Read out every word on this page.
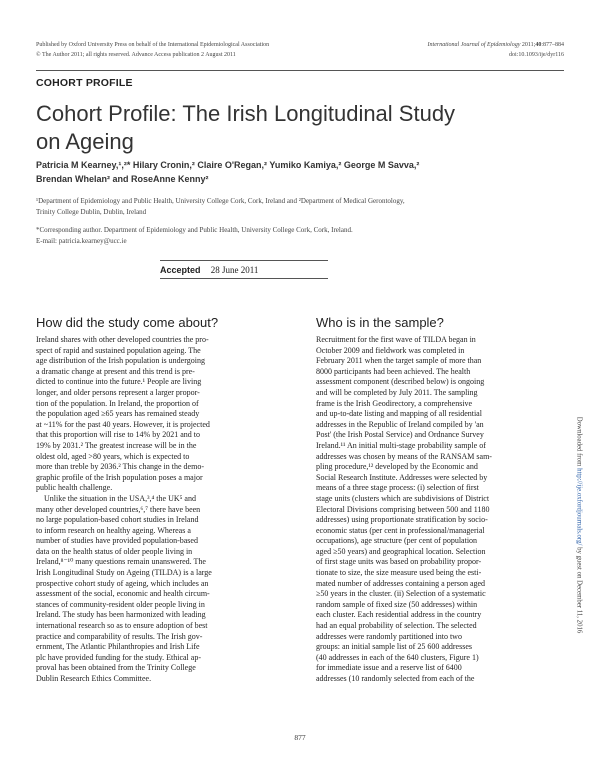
Published by Oxford University Press on behalf of the International Epidemiological Association
© The Author 2011; all rights reserved. Advance Access publication 2 August 2011
International Journal of Epidemiology 2011;40:877–884
doi:10.1093/ije/dyr116
COHORT PROFILE
Cohort Profile: The Irish Longitudinal Study
on Ageing
Patricia M Kearney,¹,²* Hilary Cronin,² Claire O'Regan,² Yumiko Kamiya,² George M Savva,²
Brendan Whelan² and RoseAnne Kenny²
¹Department of Epidemiology and Public Health, University College Cork, Cork, Ireland and ²Department of Medical Gerontology,
Trinity College Dublin, Dublin, Ireland
*Corresponding author. Department of Epidemiology and Public Health, University College Cork, Cork, Ireland.
E-mail: patricia.kearney@ucc.ie
Accepted 28 June 2011
How did the study come about?
Ireland shares with other developed countries the pro-
spect of rapid and sustained population ageing. The
age distribution of the Irish population is undergoing
a dramatic change at present and this trend is pre-
dicted to continue into the future.¹ People are living
longer, and older persons represent a larger propor-
tion of the population. In Ireland, the proportion of
the population aged ≥65 years has remained steady
at ~11% for the past 40 years. However, it is projected
that this proportion will rise to 14% by 2021 and to
19% by 2031.² The greatest increase will be in the
oldest old, aged >80 years, which is expected to
more than treble by 2036.² This change in the demo-
graphic profile of the Irish population poses a major
public health challenge.
Unlike the situation in the USA,³,⁴ the UK⁵ and
many other developed countries,⁶,⁷ there have been
no large population-based cohort studies in Ireland
to inform research on healthy ageing. Whereas a
number of studies have provided population-based
data on the health status of older people living in
Ireland,⁸⁻¹⁰ many questions remain unanswered. The
Irish Longitudinal Study on Ageing (TILDA) is a large
prospective cohort study of ageing, which includes an
assessment of the social, economic and health circum-
stances of community-resident older people living in
Ireland. The study has been harmonized with leading
international research so as to ensure adoption of best
practice and comparability of results. The Irish gov-
ernment, The Atlantic Philanthropies and Irish Life
plc have provided funding for the study. Ethical ap-
proval has been obtained from the Trinity College
Dublin Research Ethics Committee.
Who is in the sample?
Recruitment for the first wave of TILDA began in
October 2009 and fieldwork was completed in
February 2011 when the target sample of more than
8000 participants had been achieved. The health
assessment component (described below) is ongoing
and will be completed by July 2011. The sampling
frame is the Irish Geodirectory, a comprehensive
and up-to-date listing and mapping of all residential
addresses in the Republic of Ireland compiled by 'an
Post' (the Irish Postal Service) and Ordnance Survey
Ireland.¹¹ An initial multi-stage probability sample of
addresses was chosen by means of the RANSAM sam-
pling procedure,¹² developed by the Economic and
Social Research Institute. Addresses were selected by
means of a three stage process: (i) selection of first
stage units (clusters which are subdivisions of District
Electoral Divisions comprising between 500 and 1180
addresses) using proportionate stratification by socio-
economic status (per cent in professional/managerial
occupations), age structure (per cent of population
aged ≥50 years) and geographical location. Selection
of first stage units was based on probability propor-
tionate to size, the size measure used being the esti-
mated number of addresses containing a person aged
≥50 years in the cluster. (ii) Selection of a systematic
random sample of fixed size (50 addresses) within
each cluster. Each residential address in the country
had an equal probability of selection. The selected
addresses were randomly partitioned into two
groups: an initial sample list of 25 600 addresses
(40 addresses in each of the 640 clusters, Figure 1)
for immediate issue and a reserve list of 6400
addresses (10 randomly selected from each of the
Downloaded from http://ije.oxfordjournals.org/ by guest on December 11, 2016
877
